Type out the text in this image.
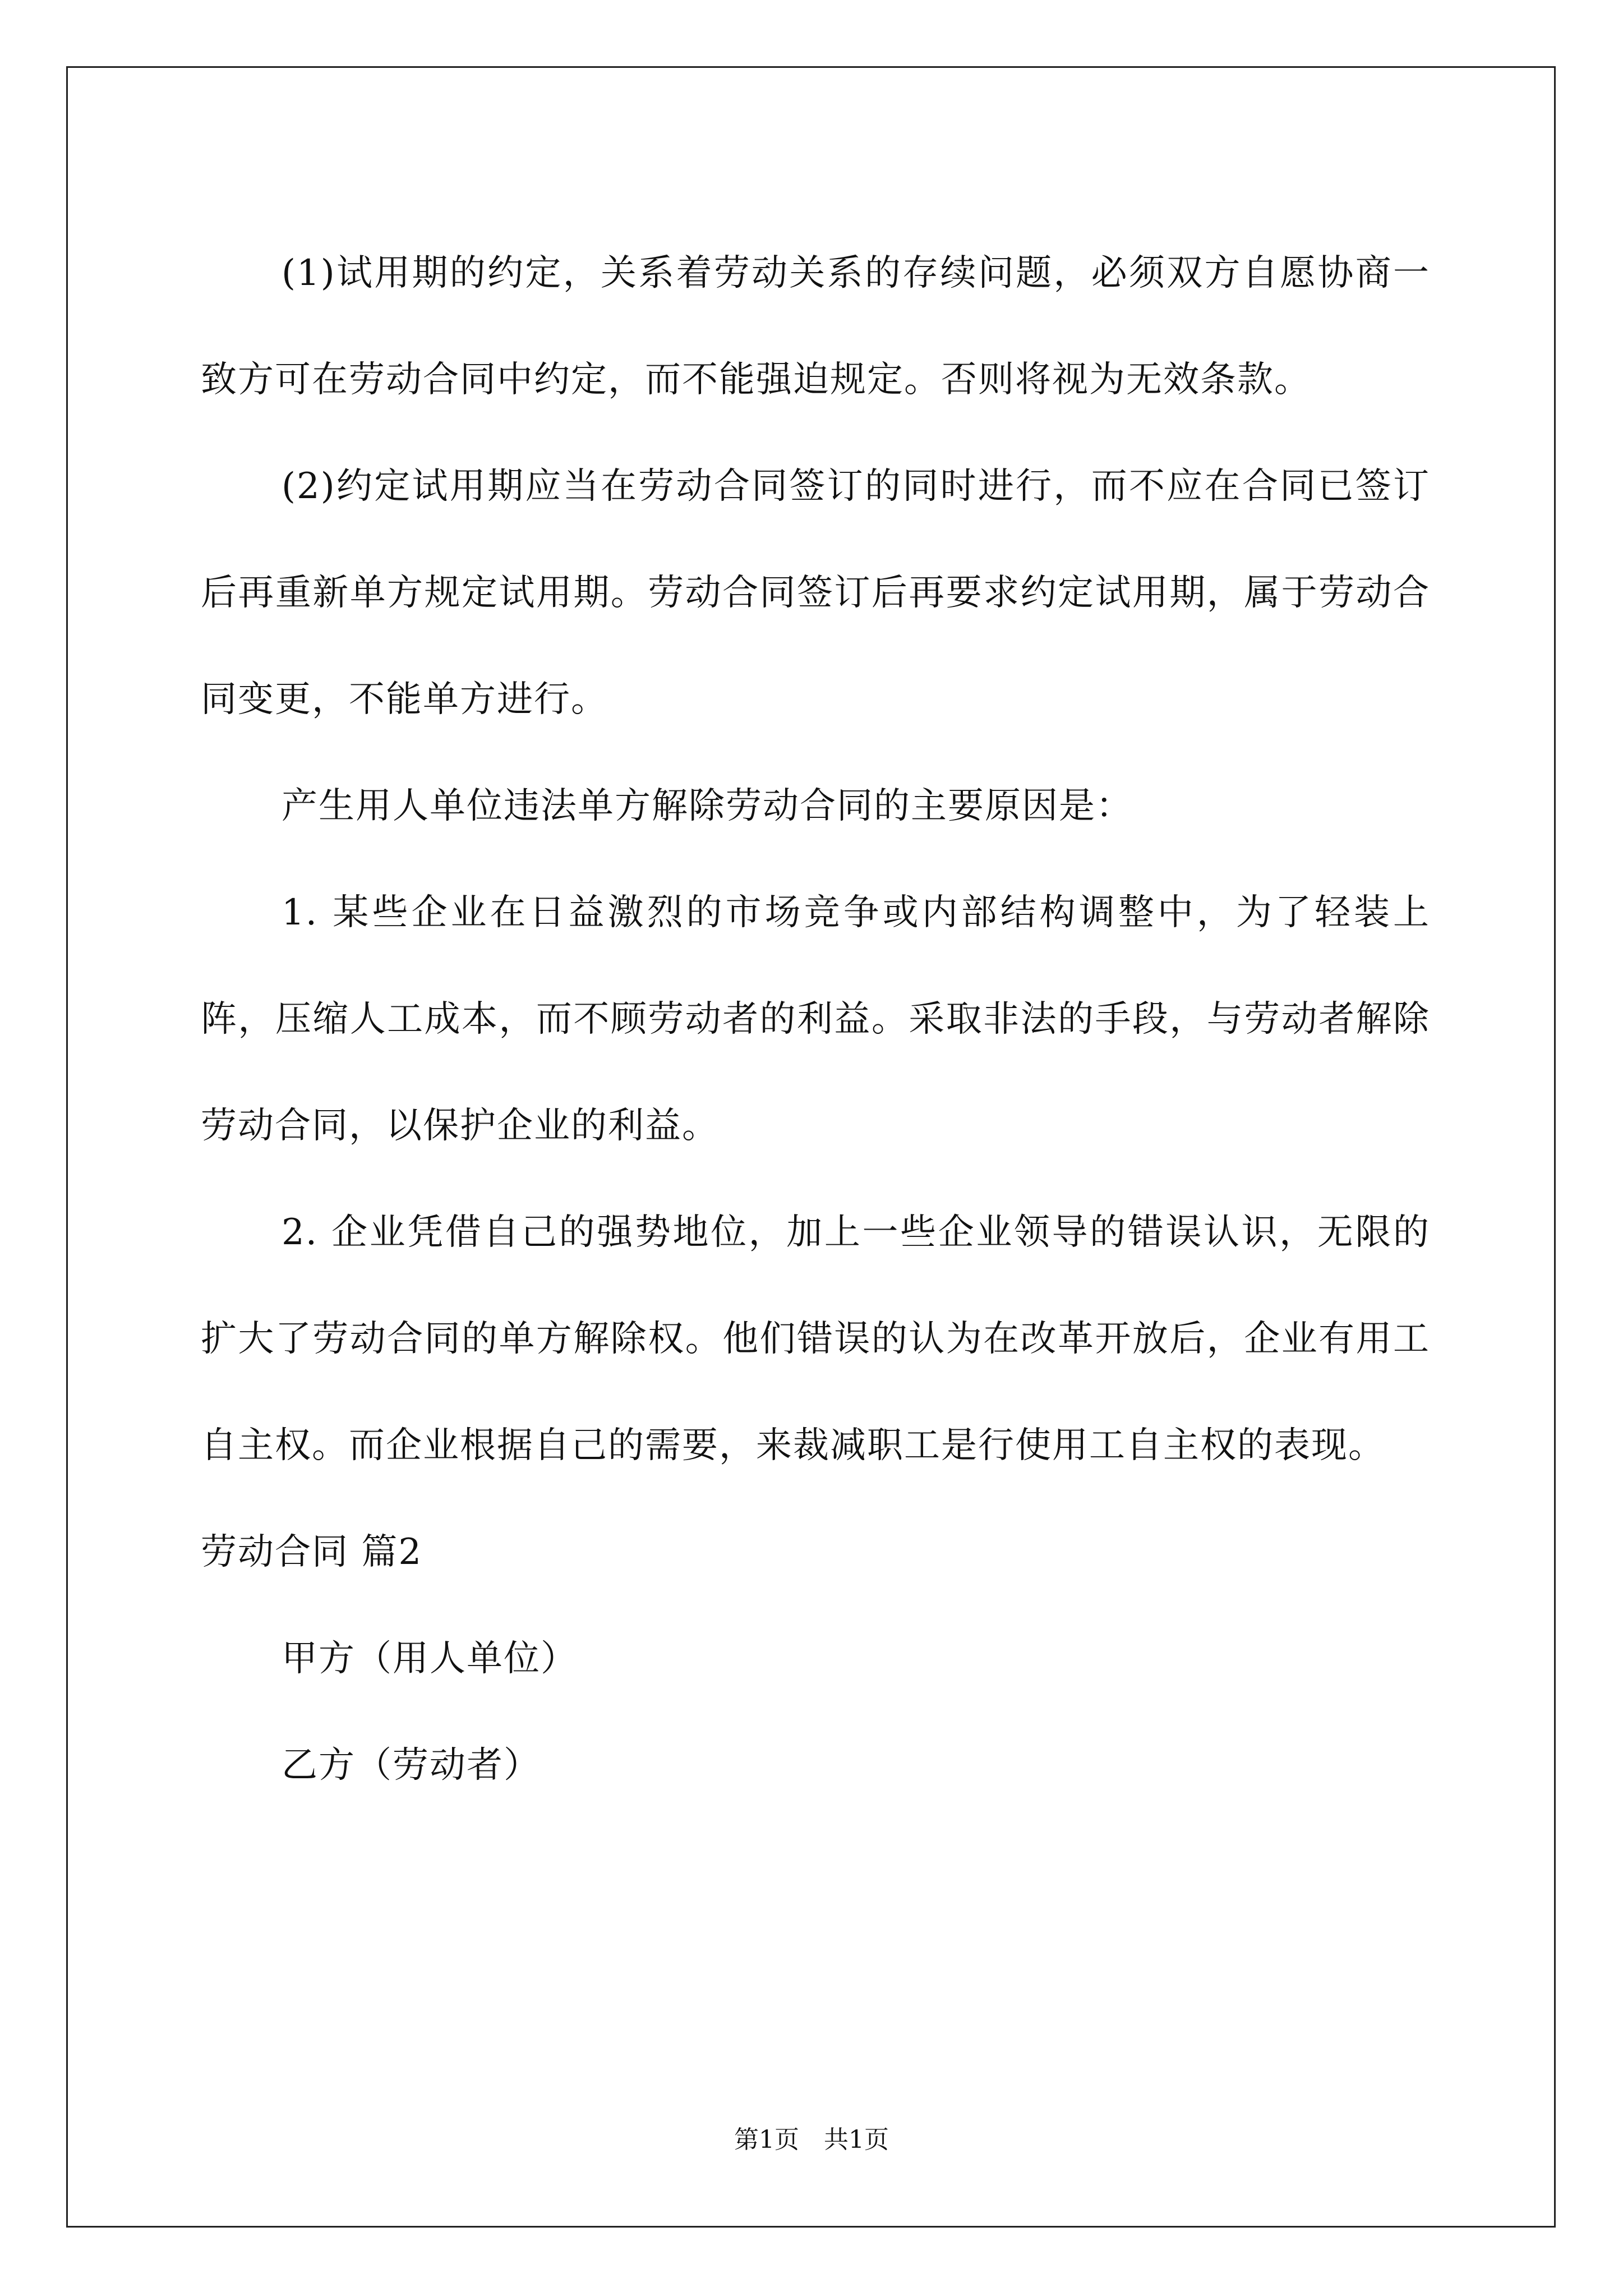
(1)试用期的约定，关系着劳动关系的存续问题，必须双方自愿协商一致方可在劳动合同中约定，而不能强迫规定。否则将视为无效条款。

(2)约定试用期应当在劳动合同签订的同时进行，而不应在合同已签订后再重新单方规定试用期。劳动合同签订后再要求约定试用期，属于劳动合同变更，不能单方进行。

产生用人单位违法单方解除劳动合同的主要原因是：

1. 某些企业在日益激烈的市场竞争或内部结构调整中，为了轻装上阵，压缩人工成本，而不顾劳动者的利益。采取非法的手段，与劳动者解除劳动合同，以保护企业的利益。

2. 企业凭借自己的强势地位，加上一些企业领导的错误认识，无限的扩大了劳动合同的单方解除权。他们错误的认为在改革开放后，企业有用工自主权。而企业根据自己的需要，来裁减职工是行使用工自主权的表现。

劳动合同 篇2

甲方（用人单位）

乙方（劳动者）

第1页　共1页
